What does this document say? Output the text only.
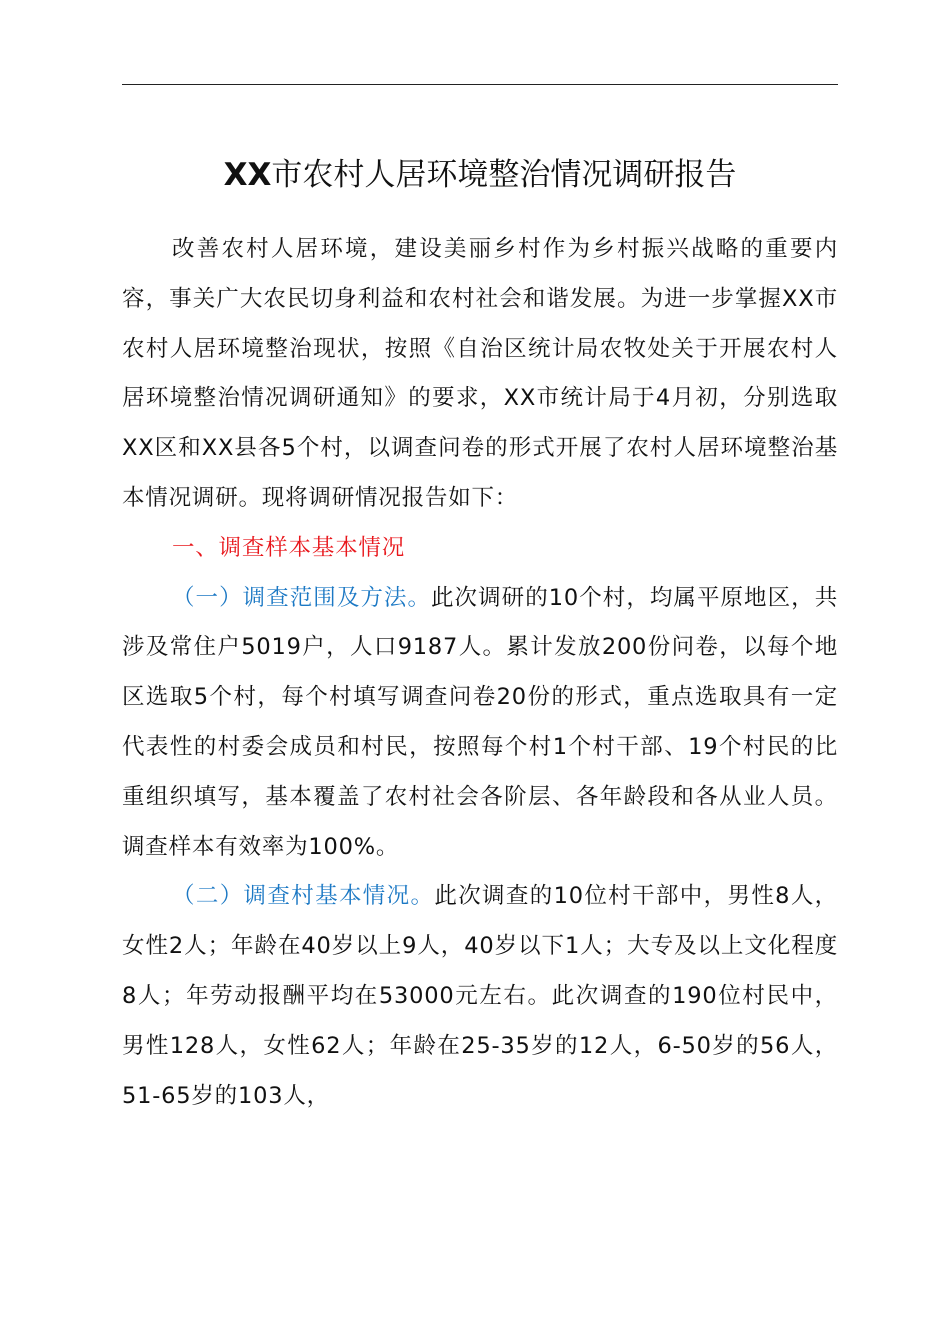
XX市农村人居环境整治情况调研报告

改善农村人居环境，建设美丽乡村作为乡村振兴战略的重要内容，事关广大农民切身利益和农村社会和谐发展。为进一步掌握XX市农村人居环境整治现状，按照《自治区统计局农牧处关于开展农村人居环境整治情况调研通知》的要求，XX市统计局于4月初，分别选取XX区和XX县各5个村，以调查问卷的形式开展了农村人居环境整治基本情况调研。现将调研情况报告如下：

一、调查样本基本情况

（一）调查范围及方法。此次调研的10个村，均属平原地区，共涉及常住户5019户，人口9187人。累计发放200份问卷，以每个地区选取5个村，每个村填写调查问卷20份的形式，重点选取具有一定代表性的村委会成员和村民，按照每个村1个村干部、19个村民的比重组织填写，基本覆盖了农村社会各阶层、各年龄段和各从业人员。调查样本有效率为100%。

（二）调查村基本情况。此次调查的10位村干部中，男性8人，女性2人；年龄在40岁以上9人，40岁以下1人；大专及以上文化程度8人；年劳动报酬平均在53000元左右。此次调查的190位村民中，男性128人，女性62人；年龄在25-35岁的12人，6-50岁的56人，51-65岁的103人，
